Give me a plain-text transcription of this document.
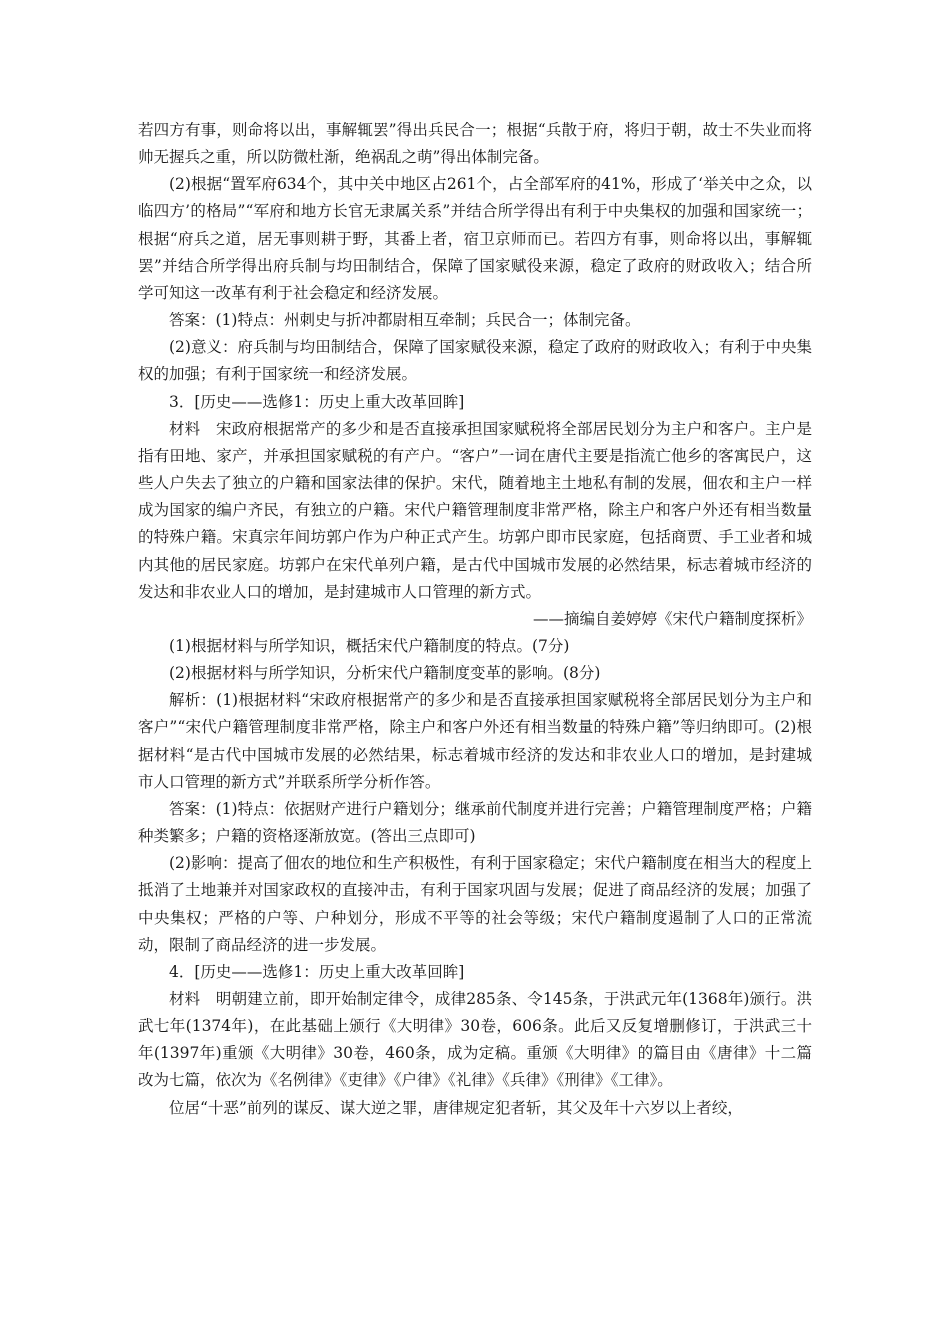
若四方有事，则命将以出，事解辄罢”得出兵民合一；根据“兵散于府，将归于朝，故士不失业而将帅无握兵之重，所以防微杜渐，绝祸乱之萌”得出体制完备。

(2)根据“置军府634个，其中关中地区占261个，占全部军府的41%，形成了‘举关中之众，以临四方’的格局”“军府和地方长官无隶属关系”并结合所学得出有利于中央集权的加强和国家统一；根据“府兵之道，居无事则耕于野，其番上者，宿卫京师而已。若四方有事，则命将以出，事解辄罢”并结合所学得出府兵制与均田制结合，保障了国家赋役来源，稳定了政府的财政收入；结合所学可知这一改革有利于社会稳定和经济发展。

答案：(1)特点：州刺史与折冲都尉相互牵制；兵民合一；体制完备。

(2)意义：府兵制与均田制结合，保障了国家赋役来源，稳定了政府的财政收入；有利于中央集权的加强；有利于国家统一和经济发展。

3．[历史——选修1：历史上重大改革回眸]

材料　宋政府根据常产的多少和是否直接承担国家赋税将全部居民划分为主户和客户。主户是指有田地、家产，并承担国家赋税的有产户。“客户”一词在唐代主要是指流亡他乡的客寓民户，这些人户失去了独立的户籍和国家法律的保护。宋代，随着地主土地私有制的发展，佃农和主户一样成为国家的编户齐民，有独立的户籍。宋代户籍管理制度非常严格，除主户和客户外还有相当数量的特殊户籍。宋真宗年间坊郭户作为户种正式产生。坊郭户即市民家庭，包括商贾、手工业者和城内其他的居民家庭。坊郭户在宋代单列户籍，是古代中国城市发展的必然结果，标志着城市经济的发达和非农业人口的增加，是封建城市人口管理的新方式。

——摘编自姜婷婷《宋代户籍制度探析》

(1)根据材料与所学知识，概括宋代户籍制度的特点。(7分)

(2)根据材料与所学知识，分析宋代户籍制度变革的影响。(8分)

解析：(1)根据材料“宋政府根据常产的多少和是否直接承担国家赋税将全部居民划分为主户和客户”“宋代户籍管理制度非常严格，除主户和客户外还有相当数量的特殊户籍”等归纳即可。(2)根据材料“是古代中国城市发展的必然结果，标志着城市经济的发达和非农业人口的增加，是封建城市人口管理的新方式”并联系所学分析作答。

答案：(1)特点：依据财产进行户籍划分；继承前代制度并进行完善；户籍管理制度严格；户籍种类繁多；户籍的资格逐渐放宽。(答出三点即可)

(2)影响：提高了佃农的地位和生产积极性，有利于国家稳定；宋代户籍制度在相当大的程度上抵消了土地兼并对国家政权的直接冲击，有利于国家巩固与发展；促进了商品经济的发展；加强了中央集权；严格的户等、户种划分，形成不平等的社会等级；宋代户籍制度遏制了人口的正常流动，限制了商品经济的进一步发展。

4．[历史——选修1：历史上重大改革回眸]

材料　明朝建立前，即开始制定律令，成律285条、令145条，于洪武元年(1368年)颁行。洪武七年(1374年)，在此基础上颁行《大明律》30卷，606条。此后又反复增删修订，于洪武三十年(1397年)重颁《大明律》30卷，460条，成为定稿。重颁《大明律》的篇目由《唐律》十二篇改为七篇，依次为《名例律》《吏律》《户律》《礼律》《兵律》《刑律》《工律》。

位居“十恶”前列的谋反、谋大逆之罪，唐律规定犯者斩，其父及年十六岁以上者绞，
